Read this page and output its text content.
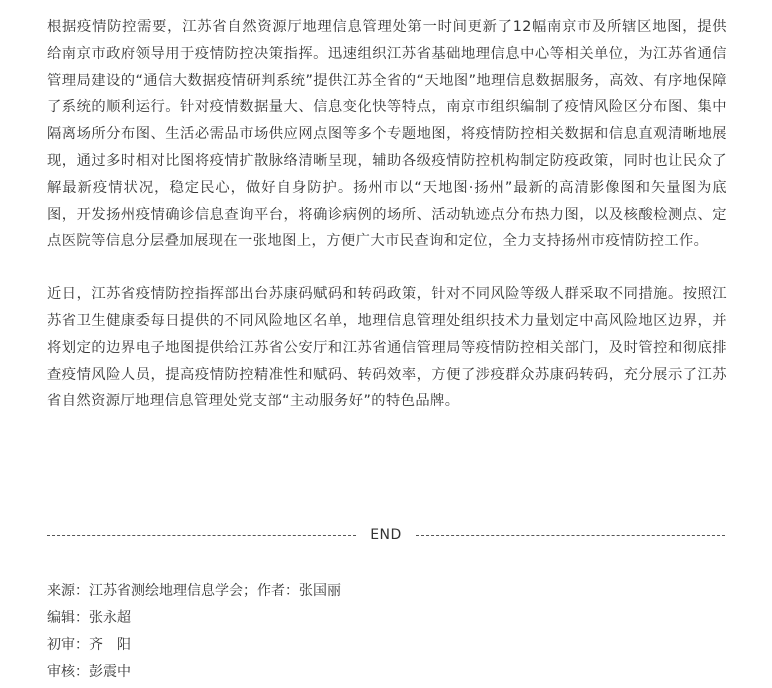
根据疫情防控需要，江苏省自然资源厅地理信息管理处第一时间更新了12幅南京市及所辖区地图，提供给南京市政府领导用于疫情防控决策指挥。迅速组织江苏省基础地理信息中心等相关单位，为江苏省通信管理局建设的“通信大数据疫情研判系统”提供江苏全省的“天地图”地理信息数据服务，高效、有序地保障了系统的顺利运行。针对疫情数据量大、信息变化快等特点，南京市组织编制了疫情风险区分布图、集中隔离场所分布图、生活必需品市场供应网点图等多个专题地图，将疫情防控相关数据和信息直观清晰地展现，通过多时相对比图将疫情扩散脉络清晰呈现，辅助各级疫情防控机构制定防疫政策，同时也让民众了解最新疫情状况，稳定民心，做好自身防护。扬州市以“天地图·扬州”最新的高清影像图和矢量图为底图，开发扬州疫情确诊信息查询平台，将确诊病例的场所、活动轨迹点分布热力图，以及核酸检测点、定点医院等信息分层叠加展现在一张地图上，方便广大市民查询和定位，全力支持扬州市疫情防控工作。

近日，江苏省疫情防控指挥部出台苏康码赋码和转码政策，针对不同风险等级人群采取不同措施。按照江苏省卫生健康委每日提供的不同风险地区名单，地理信息管理处组织技术力量划定中高风险地区边界，并将划定的边界电子地图提供给江苏省公安厅和江苏省通信管理局等疫情防控相关部门，及时管控和彻底排查疫情风险人员，提高疫情防控精准性和赋码、转码效率，方便了涉疫群众苏康码转码，充分展示了江苏省自然资源厅地理信息管理处党支部“主动服务好”的特色品牌。

END
来源：江苏省测绘地理信息学会；作者：张国丽
编辑：张永超
初审：齐　阳
审核：彭震中
